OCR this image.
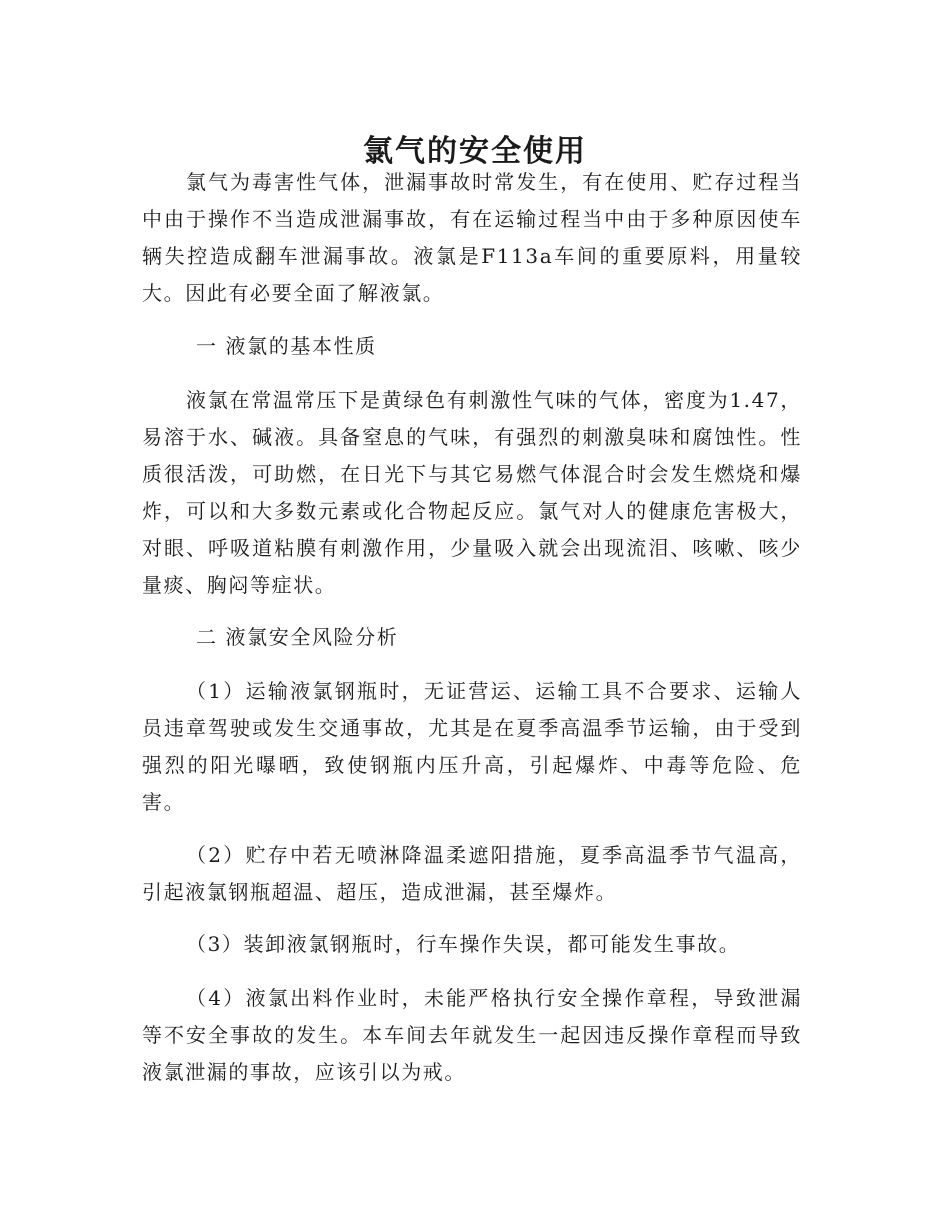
氯气的安全使用

氯气为毒害性气体，泄漏事故时常发生，有在使用、贮存过程当中由于操作不当造成泄漏事故，有在运输过程当中由于多种原因使车辆失控造成翻车泄漏事故。液氯是F113a车间的重要原料，用量较大。因此有必要全面了解液氯。

一 液氯的基本性质

液氯在常温常压下是黄绿色有刺激性气味的气体，密度为1.47，易溶于水、碱液。具备窒息的气味，有强烈的刺激臭味和腐蚀性。性质很活泼，可助燃，在日光下与其它易燃气体混合时会发生燃烧和爆炸，可以和大多数元素或化合物起反应。氯气对人的健康危害极大，对眼、呼吸道粘膜有刺激作用，少量吸入就会出现流泪、咳嗽、咳少量痰、胸闷等症状。

二 液氯安全风险分析

（1）运输液氯钢瓶时，无证营运、运输工具不合要求、运输人员违章驾驶或发生交通事故，尤其是在夏季高温季节运输，由于受到强烈的阳光曝晒，致使钢瓶内压升高，引起爆炸、中毒等危险、危害。

（2）贮存中若无喷淋降温柔遮阳措施，夏季高温季节气温高，引起液氯钢瓶超温、超压，造成泄漏，甚至爆炸。

（3）装卸液氯钢瓶时，行车操作失误，都可能发生事故。

（4）液氯出料作业时，未能严格执行安全操作章程，导致泄漏等不安全事故的发生。本车间去年就发生一起因违反操作章程而导致液氯泄漏的事故，应该引以为戒。
